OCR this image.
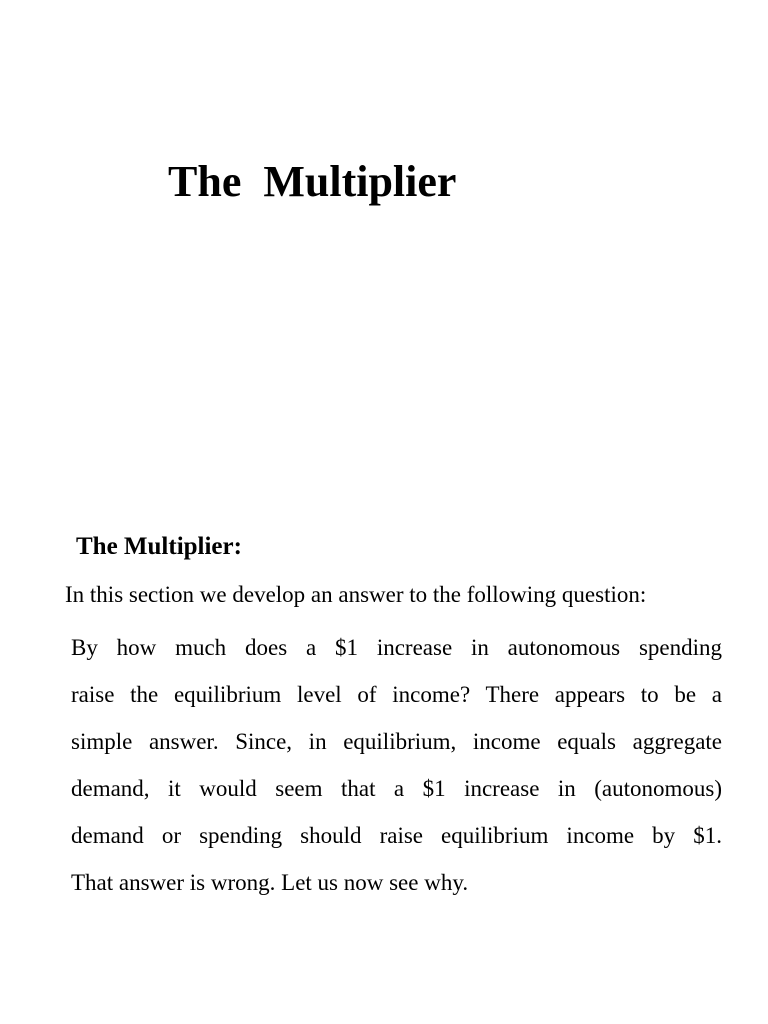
The  Multiplier
The Multiplier:

In this section we develop an answer to the following question:

By how much does a $1 increase in autonomous spending
raise the equilibrium level of income? There appears to be a
simple answer. Since, in equilibrium, income equals aggregate
demand, it would seem that a $1 increase in (autonomous)
demand or spending should raise equilibrium income by $1.
That answer is wrong. Let us now see why.
